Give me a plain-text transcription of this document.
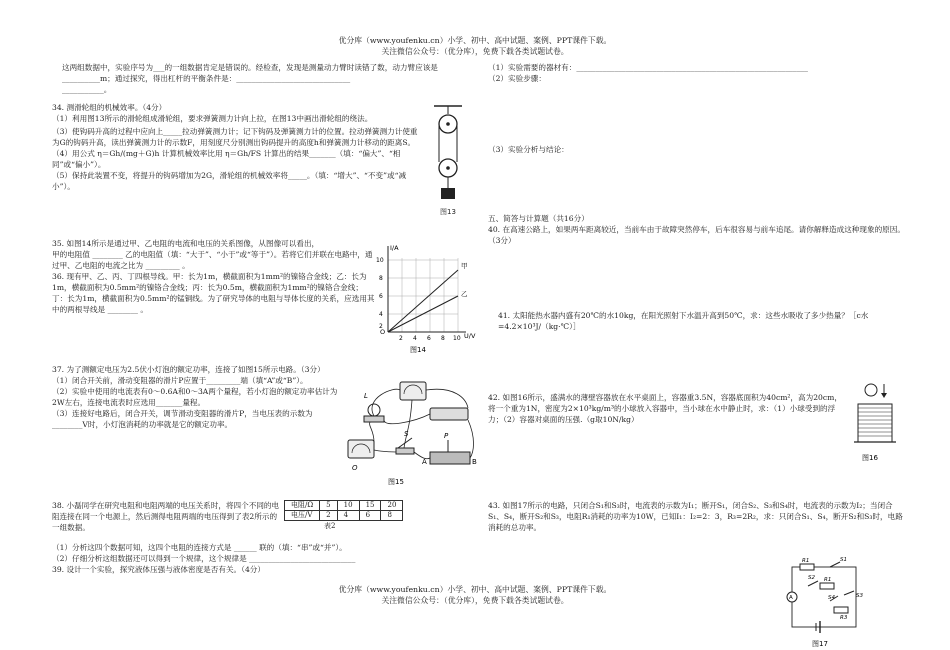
优分库（www.youfenku.cn）小学、初中、高中试题、案例、PPT课件下载。
关注微信公众号：（优分库），免费下载各类试题试卷。

这两组数据中，实验序号为___的一组数据肯定是错误的。经检查，发现是测量动力臂时读错了数，动力臂应该是__________m；通过探究，得出杠杆的平衡条件是：______________________________

___________。

34. 测滑轮组的机械效率。（4分）

（1）利用图13所示的滑轮组成滑轮组，要求弹簧测力计向上拉，在图13中画出滑轮组的绕法。

（3）使钩码升高的过程中应向上_____拉动弹簧测力计；记下钩码及弹簧测力计的位置。拉动弹簧测力计使重为G的钩码升高，读出弹簧测力计的示数F，用刻度尺分别测出钩码提升的高度h和弹簧测力计移动的距离S。

（4）用公式 η＝Gh/(mg＋G)h 计算机械效率比用 η＝Gh/FS 计算出的结果_______（填：“偏大”、“相同”或“偏小”）。

（5）保持此装置不变，将提升的钩码增加为2G，滑轮组的机械效率将_____。（填：“增大”、“不变”或“减小”）。

图13

35. 如图14所示是通过甲、乙电阻的电流和电压的关系图像，从图像可以看出，

甲的电阻值 ________ 乙的电阻值（填：“大于”、“小于”或“等于”）。若将它们并联在电路中，通过甲、乙电阻的电流之比为 _________ 。

36. 现有甲、乙、丙、丁四根导线。甲：长为1m，横截面积为1mm²的镍铬合金线；乙：长为1m，横截面积为0.5mm²的镍铬合金线；丙：长为0.5m，横截面积为1mm²的镍铬合金线；丁：长为1m，横截面积为0.5mm²的锰铜线。为了研究导体的电阻与导体长度的关系，应选用其中的两根导线是 ________ 。

I/A
U/V
O
10
8
6
4
2
2 4 6 8 10
甲
乙
图14

37. 为了测额定电压为2.5伏小灯泡的额定功率，连接了如图15所示电路。（3分）

（1）闭合开关前，滑动变阻器的滑片P应置于_________端（填“A”或“B”）。

（2）实验中使用的电流表有0～0.6A和0～3A两个量程，若小灯泡的额定功率估计为2W左右，连接电流表时应选用_______量程。

（3）连接好电路后，闭合开关，调节滑动变阻器的滑片P，当电压表的示数为________V时，小灯泡消耗的功率就是它的额定功率。

L
S	P
A	B
O
图15

38. 小磊同学在研究电阻和电阻两端的电压关系时，将四个不同的电阻连接在同一个电源上，然后测得电阻两端的电压得到了表2所示的一组数据。

电阻/Ω	5	10	15	20
电压/V	2	4	6	8
表2

（1）分析这四个数据可知，这四个电阻的连接方式是 ______ 联的（填：“串”或“并”）。

（2）仔细分析这组数据还可以得到一个规律，这个规律是 ____________________________

39. 设计一个实验，探究液体压强与液体密度是否有关。（4分）

（1）实验需要的器材有：_____________________________________________________________

（2）实验步骤：

（3）实验分析与结论：

五、简答与计算题（共16分）

40. 在高速公路上，如果两车距离较近，当前车由于故障突然停车，后车很容易与前车追尾。请你解释造成这种现象的原因。（3分）

41. 太阳能热水器内盛有20℃的水10kg，在阳光照射下水温升高到50℃，求：这些水吸收了多少热量？［c水=4.2×10³J/（kg·℃）］

42. 如图16所示，盛满水的薄壁容器放在水平桌面上，容器重3.5N，容器底面积为40cm²，高为20cm，将一个重为1N，密度为2×10³kg/m³的小球放入容器中，当小球在水中静止时，求：（1）小球受到的浮力；（2）容器对桌面的压强.（g取10N/kg）

图16

43. 如图17所示的电路，只闭合S₁和S₃时，电流表的示数为I₁；断开S₁，闭合S₂、S₃和S₄时，电流表的示数为I₂；当闭合S₁、S₄，断开S₂和S₃，电阻R₁消耗的功率为10W，已知I₁：I₂=2：3，R₃=2R₂，求：只闭合S₁、S₄，断开S₂和S₃时，电路消耗的总功率。

R1	S1
S2 R1
R3
S3
S4
A
图17
优分库（www.youfenku.cn）小学、初中、高中试题、案例、PPT课件下载。
关注微信公众号：（优分库），免费下载各类试题试卷。
